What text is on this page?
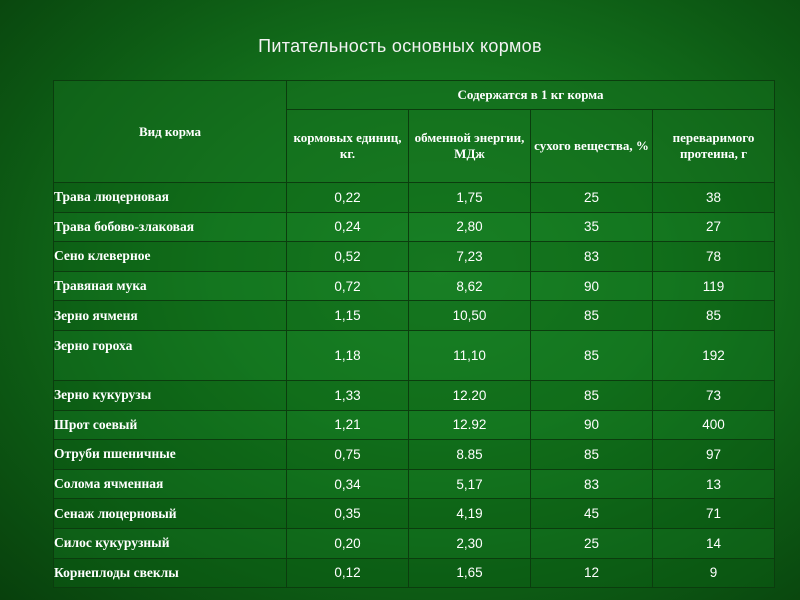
Питательность основных кормов
Вид корма	Содержатся в 1 кг корма			
	кормовых единиц, кг.	обменной энергии, МДж	сухого вещества, %	переваримого протеина, г
Трава люцерновая	0,22	1,75	25	38
Трава бобово-злаковая	0,24	2,80	35	27
Сено клеверное	0,52	7,23	83	78
Травяная мука	0,72	8,62	90	119
Зерно ячменя	1,15	10,50	85	85
Зерно гороха	1,18	11,10	85	192
Зерно кукурузы	1,33	12.20	85	73
Шрот соевый	1,21	12.92	90	400
Отруби пшеничные	0,75	8.85	85	97
Солома ячменная	0,34	5,17	83	13
Сенаж люцерновый	0,35	4,19	45	71
Силос кукурузный	0,20	2,30	25	14
Корнеплоды свеклы	0,12	1,65	12	9
